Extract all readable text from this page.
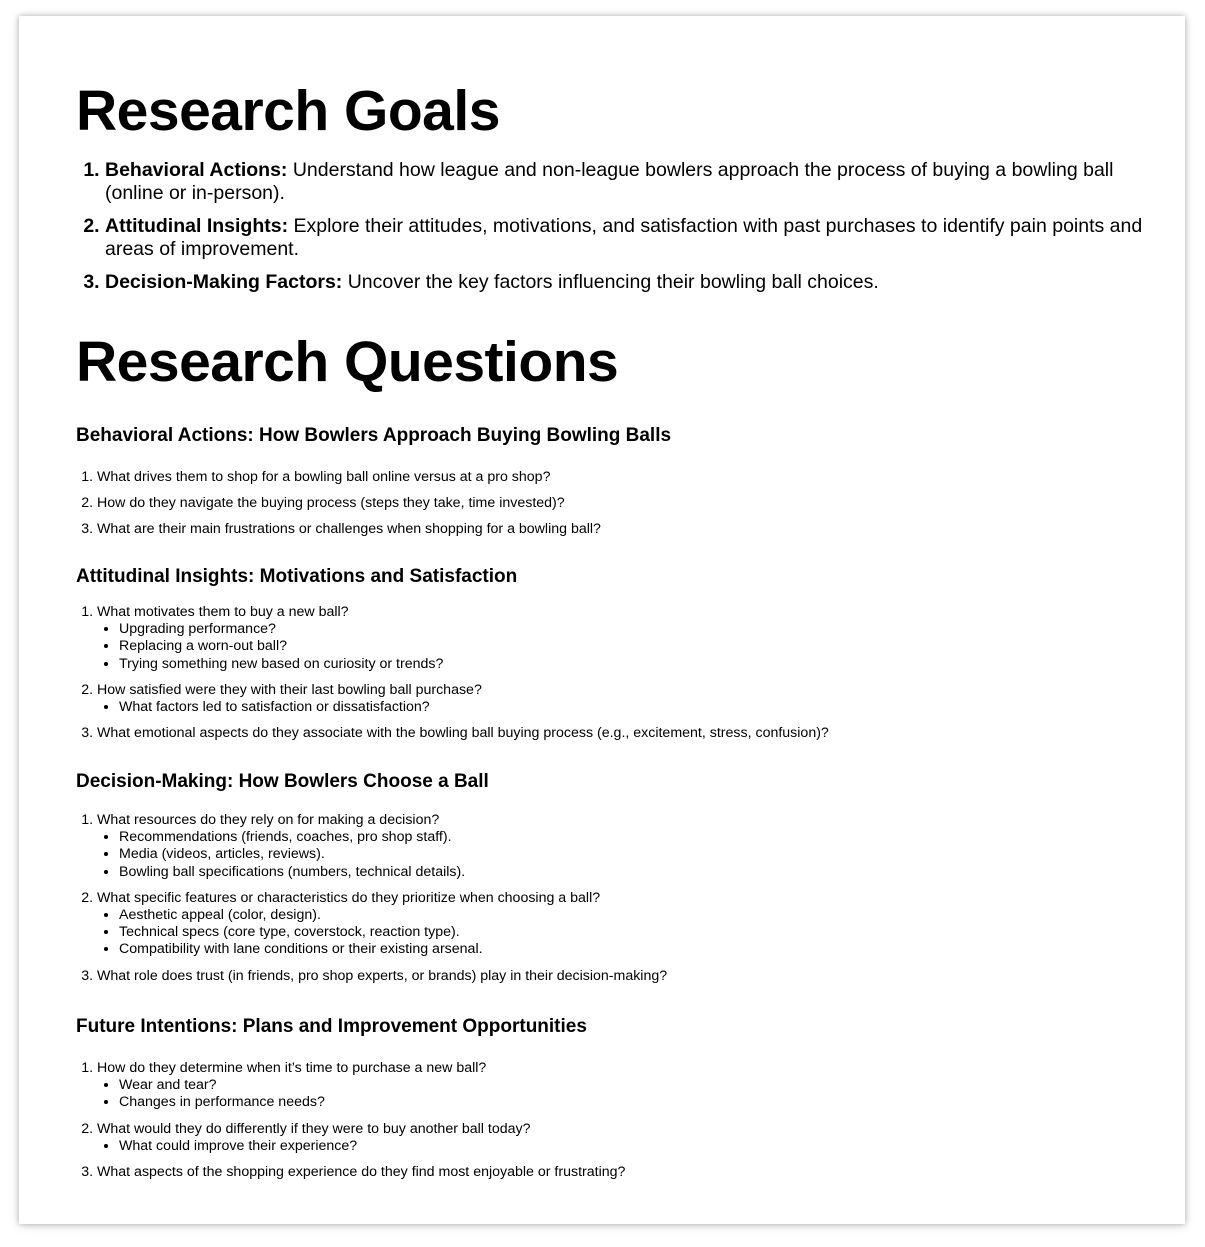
Research Goals
1. Behavioral Actions: Understand how league and non-league bowlers approach the process of buying a bowling ball (online or in-person).
2. Attitudinal Insights: Explore their attitudes, motivations, and satisfaction with past purchases to identify pain points and areas of improvement.
3. Decision-Making Factors: Uncover the key factors influencing their bowling ball choices.
Research Questions
Behavioral Actions: How Bowlers Approach Buying Bowling Balls
1. What drives them to shop for a bowling ball online versus at a pro shop?
2. How do they navigate the buying process (steps they take, time invested)?
3. What are their main frustrations or challenges when shopping for a bowling ball?
Attitudinal Insights: Motivations and Satisfaction
1. What motivates them to buy a new ball?
• Upgrading performance?
• Replacing a worn-out ball?
• Trying something new based on curiosity or trends?
2. How satisfied were they with their last bowling ball purchase?
• What factors led to satisfaction or dissatisfaction?
3. What emotional aspects do they associate with the bowling ball buying process (e.g., excitement, stress, confusion)?
Decision-Making: How Bowlers Choose a Ball
1. What resources do they rely on for making a decision?
• Recommendations (friends, coaches, pro shop staff).
• Media (videos, articles, reviews).
• Bowling ball specifications (numbers, technical details).
2. What specific features or characteristics do they prioritize when choosing a ball?
• Aesthetic appeal (color, design).
• Technical specs (core type, coverstock, reaction type).
• Compatibility with lane conditions or their existing arsenal.
3. What role does trust (in friends, pro shop experts, or brands) play in their decision-making?
Future Intentions: Plans and Improvement Opportunities
1. How do they determine when it’s time to purchase a new ball?
• Wear and tear?
• Changes in performance needs?
2. What would they do differently if they were to buy another ball today?
• What could improve their experience?
3. What aspects of the shopping experience do they find most enjoyable or frustrating?
